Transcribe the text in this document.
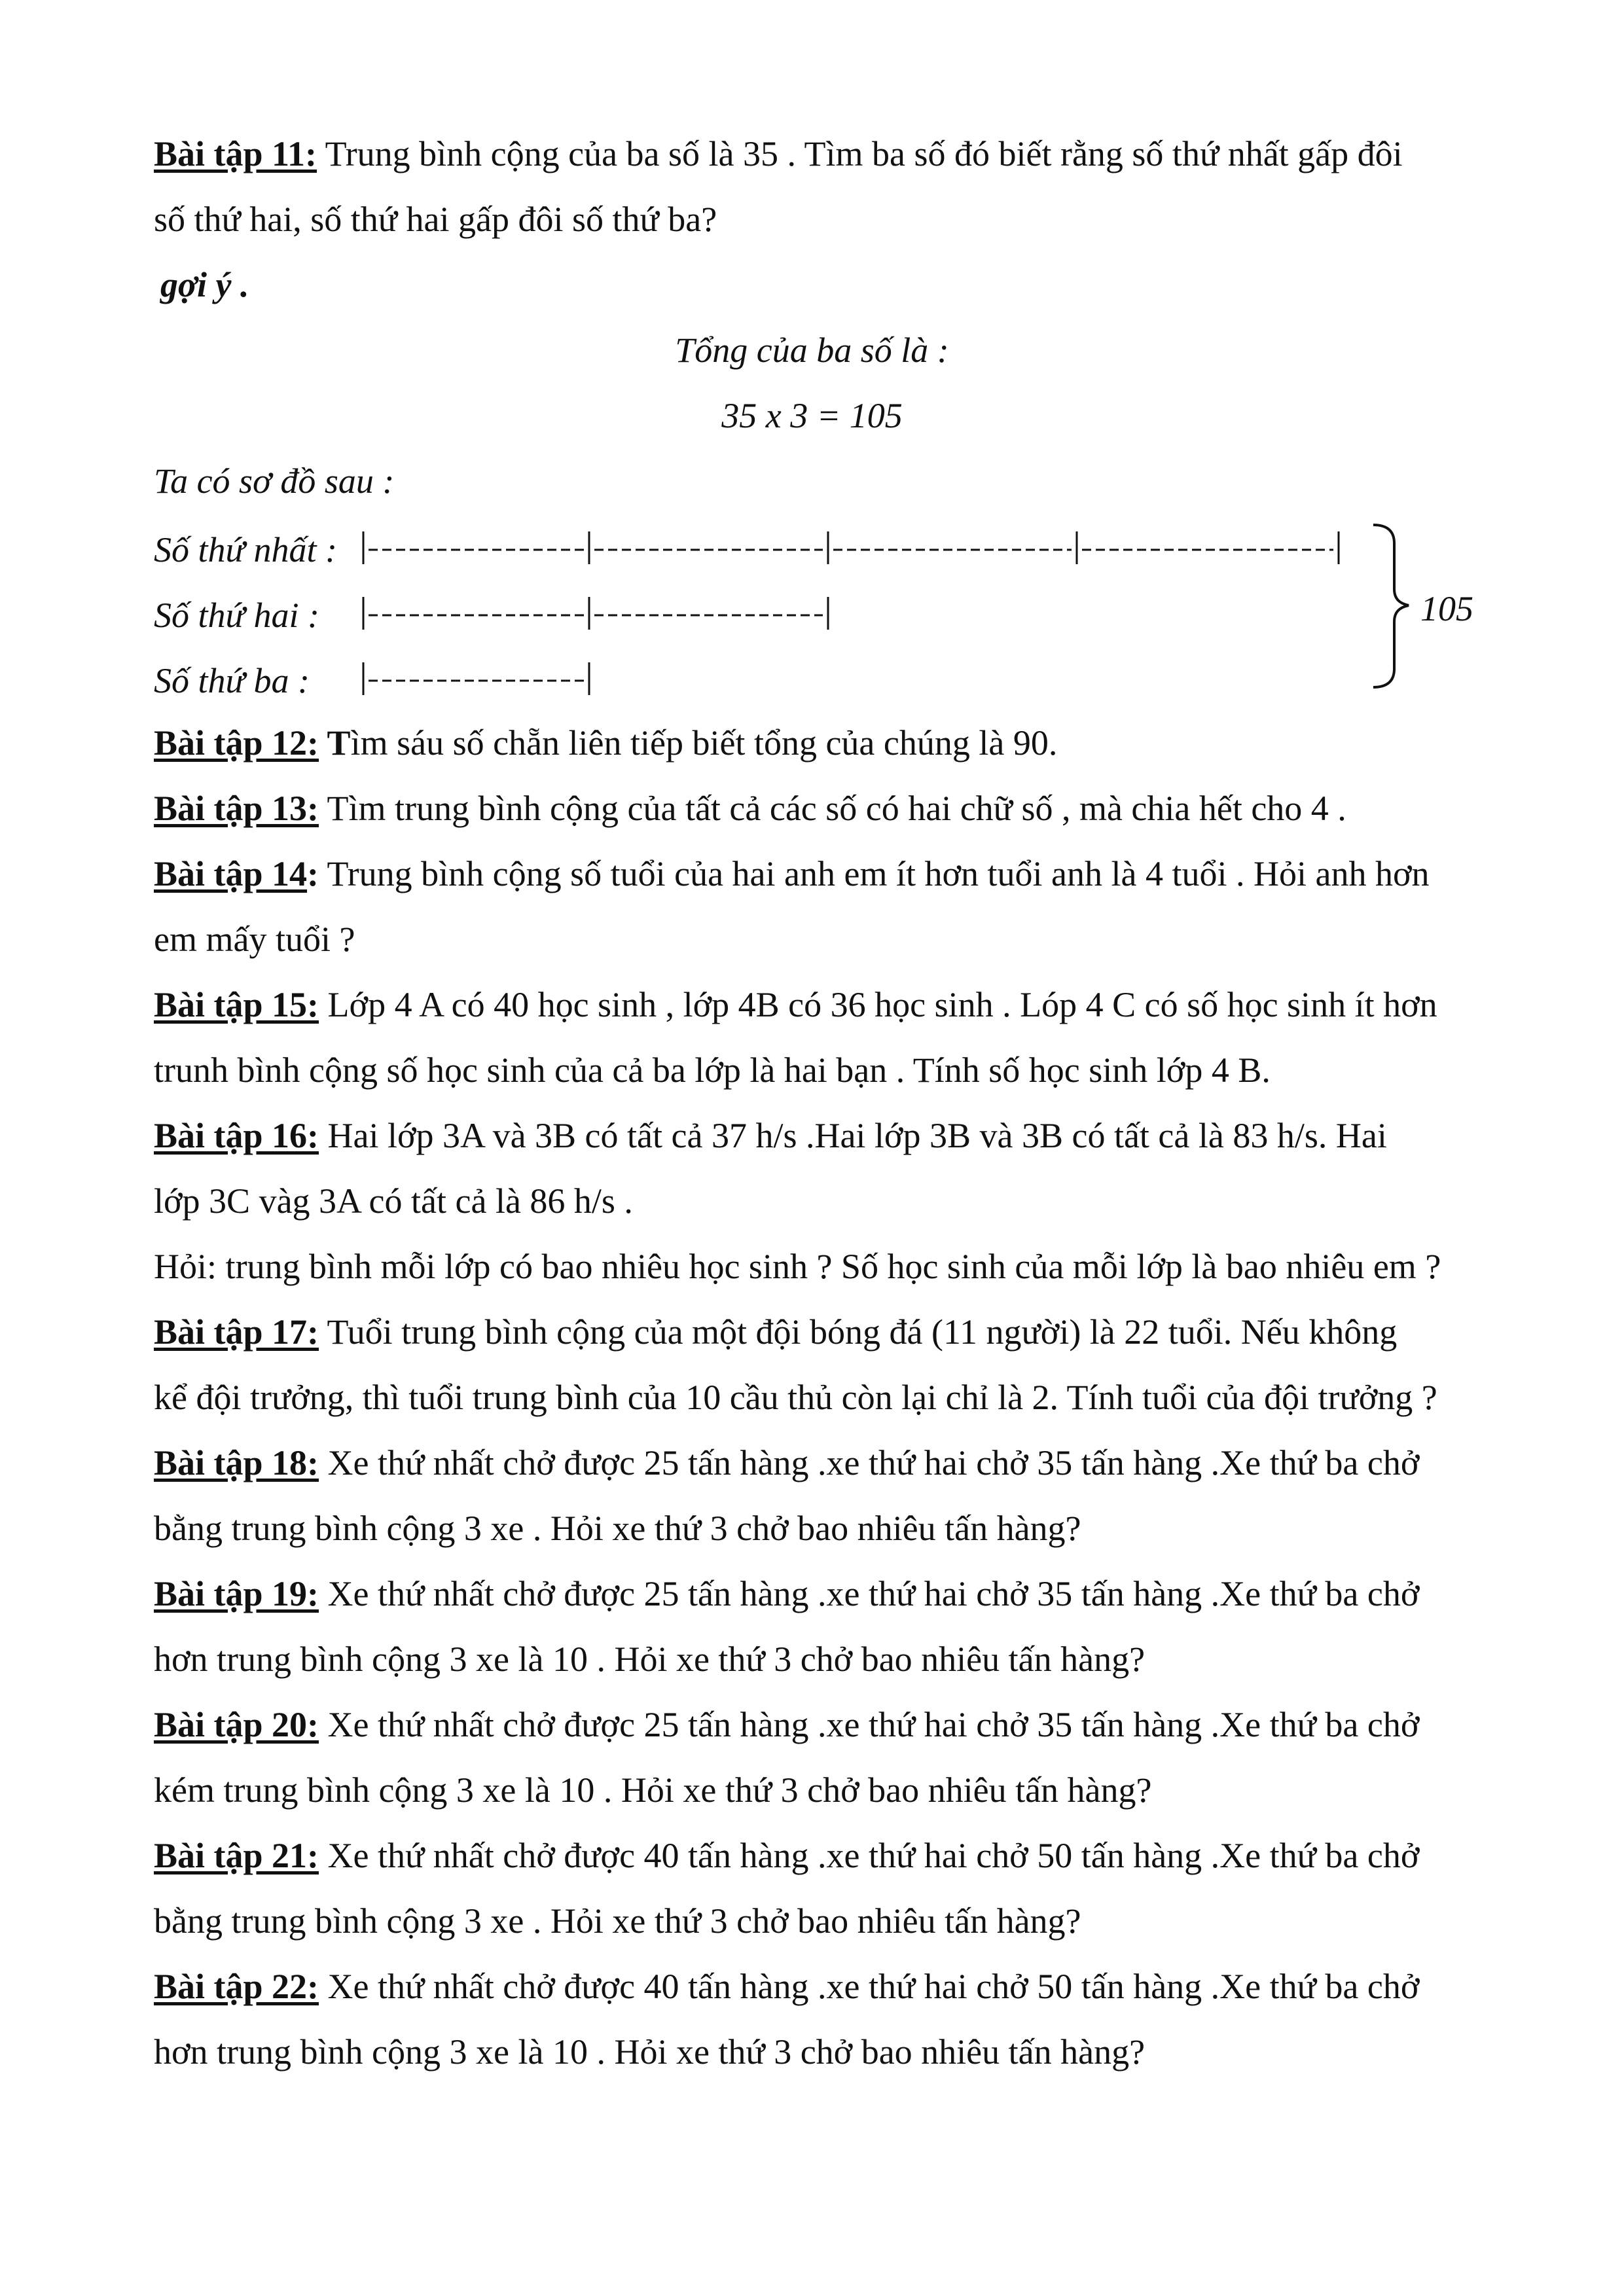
Bài tập 11: Trung bình cộng của ba số là 35 . Tìm ba số đó biết rằng số thứ nhất gấp đôi
số thứ hai, số thứ hai gấp đôi số thứ ba?
gợi ý .
Tổng của ba số là :
35 x 3 = 105
Ta có sơ đồ sau :
Số thứ nhất :
Số thứ hai :
Số thứ ba :
105
Bài tập 12: Tìm sáu số chẵn liên tiếp biết tổng của chúng là 90.
Bài tập 13: Tìm trung bình cộng của tất cả các số có hai chữ số , mà chia hết cho 4 .
Bài tập 14: Trung bình cộng số tuổi của hai anh em ít hơn tuổi anh là 4 tuổi . Hỏi anh hơn
em mấy tuổi ?
Bài tập 15: Lớp 4 A có 40 học sinh , lớp 4B có 36 học sinh . Lóp 4 C có số học sinh ít hơn
trunh bình cộng số học sinh của cả ba lớp là hai bạn . Tính số học sinh lớp 4 B.
Bài tập 16: Hai lớp 3A và 3B có tất cả 37 h/s .Hai lớp 3B và 3B có tất cả là 83 h/s. Hai
lớp 3C vàg 3A có tất cả là 86 h/s .
Hỏi: trung bình mỗi lớp có bao nhiêu học sinh ? Số học sinh của mỗi lớp là bao nhiêu em ?
Bài tập 17: Tuổi trung bình cộng của một đội bóng đá (11 người) là 22 tuổi. Nếu không
kể đội trưởng, thì tuổi trung bình của 10 cầu thủ còn lại chỉ là 2. Tính tuổi của đội trưởng ?
Bài tập 18: Xe thứ nhất chở được 25 tấn hàng .xe thứ hai chở 35 tấn hàng .Xe thứ ba chở
bằng trung bình cộng 3 xe . Hỏi xe thứ 3 chở bao nhiêu tấn hàng?
Bài tập 19: Xe thứ nhất chở được 25 tấn hàng .xe thứ hai chở 35 tấn hàng .Xe thứ ba chở
hơn trung bình cộng 3 xe là 10 . Hỏi xe thứ 3 chở bao nhiêu tấn hàng?
Bài tập 20: Xe thứ nhất chở được 25 tấn hàng .xe thứ hai chở 35 tấn hàng .Xe thứ ba chở
kém trung bình cộng 3 xe là 10 . Hỏi xe thứ 3 chở bao nhiêu tấn hàng?
Bài tập 21: Xe thứ nhất chở được 40 tấn hàng .xe thứ hai chở 50 tấn hàng .Xe thứ ba chở
bằng trung bình cộng 3 xe . Hỏi xe thứ 3 chở bao nhiêu tấn hàng?
Bài tập 22: Xe thứ nhất chở được 40 tấn hàng .xe thứ hai chở 50 tấn hàng .Xe thứ ba chở
hơn trung bình cộng 3 xe là 10 . Hỏi xe thứ 3 chở bao nhiêu tấn hàng?
